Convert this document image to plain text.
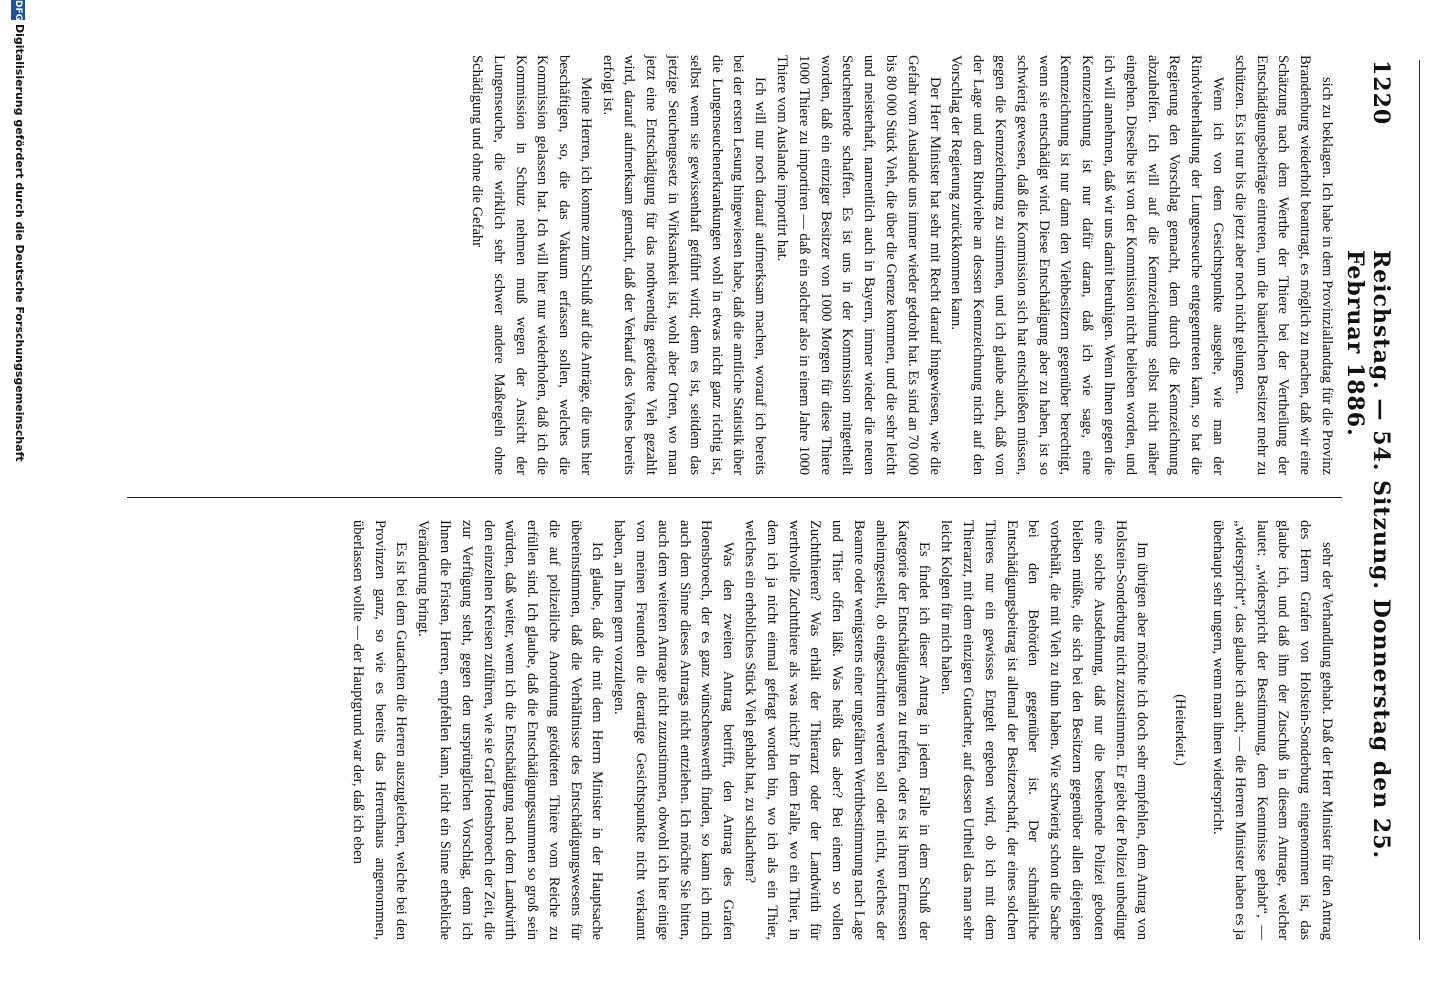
1220
Reichstag. — 54. Sitzung. Donnerstag den 25. Februar 1886.

sich zu beklagen. Ich habe in dem Provinziallandtag für die Provinz Brandenburg wiederholt beantragt, es möglich zu machen, daß wir eine Schätzung nach dem Werthe der Thiere bei der Vertheilung der Entschädigungsbeiträge eintreten, um die bäuerlichen Besitzer mehr zu schützen. Es ist nur bis die jetzt aber noch nicht gelungen.

Wenn ich von dem Gesichtspunkte ausgehe, wie man der Rindvieherhaltung der Lungenseuche entgegentreten kann, so hat die Regierung den Vorschlag gemacht, dem durch die Kennzeichnung abzuhelfen. Ich will auf die Kennzeichnung selbst nicht näher eingehen. Dieselbe ist von der Kommission nicht belieben worden, und ich will annehmen, daß wir uns damit beruhigen. Wenn Ihnen gegen die Kennzeichnung ist nur dafür daran, daß ich wie sage, eine Kennzeichnung ist nur dann den Viehbesitzern gegenüber berechtigt, wenn sie entschädigt wird. Diese Entschädigung aber zu haben, ist so schwierig gewesen, daß die Kommission sich hat entschließen müssen, gegen die Kennzeichnung zu stimmen, und ich glaube auch, daß von der Lage und dem Rindviehe an dessen Kennzeichnung nicht auf den Vorschlag der Regierung zurückkommen kann.

Der Herr Minister hat sehr mit Recht darauf hingewiesen, wie die Gefahr vom Auslande uns immer wieder gedroht hat. Es sind an 70 000 bis 80 000 Stück Vieh, die über die Grenze kommen, und die sehr leicht und meisterhaft, namentlich auch in Bayern, immer wieder die neuen Seuchenherde schaffen. Es ist uns in der Kommission mitgetheilt worden, daß ein einziger Besitzer von 1000 Morgen für diese Thiere 1000 Thiere zu importiren — daß ein solcher also in einem Jahre 1000 Thiere vom Auslande importirt hat.

Ich will nur noch darauf aufmerksam machen, worauf ich bereits bei der ersten Lesung hingewiesen habe, daß die amtliche Statistik über die Lungenseuchenerkrankungen wohl in etwas nicht ganz richtig ist, selbst wenn sie gewissenhaft geführt wird; denn es ist, seitdem das jetzige Seuchengesetz in Wirksamkeit ist, wohl aber Orten, wo man jetzt eine Entschädigung für das nothwendig getödtete Vieh gezahlt wird, darauf aufmerksam gemacht, daß der Verkauf des Viehes bereits erfolgt ist.

Meine Herren, ich komme zum Schluß auf die Anträge, die uns hier beschäftigen, so, die das Vakuum erfassen sollen, welches die Kommission gelassen hat. Ich will hier nur wiederholen, daß ich die Kommission in Schutz nehmen muß wegen der Ansicht der Lungenseuche, die wirklich sehr schwer andere Maßregeln ohne Schädigung und ohne die Gefahr

sehr der Verhandlung gehabt. Daß der Herr Minister für den Antrag des Herrn Grafen von Holstein-Sonderburg eingenommen ist, das glaube ich, und daß ihm der Zuschuß in diesem Antrage, welcher lautet: „widerspricht der Bestimmung, dem Kenntnisse gehabt“, — „widerspricht“, das glaube ich auch; — die Herren Minister haben es ja überhaupt sehr ungern, wenn man ihnen widerspricht.

(Heiterkeit.)

Im übrigen aber möchte ich doch sehr empfehlen, dem Antrag von Holstein-Sonderburg nicht zuzustimmen. Er giebt der Polizei unbedingt eine solche Ausdehnung, daß nur die bestehende Polizei geboten bleiben müßte, die sich bei den Besitzern gegenüber allen diejenigen vorbehält, die mit Vieh zu thun haben. Wie schwierig schon die Sache bei den Behörden gegenüber ist. Der schmähliche Entschädigungsbeitrag ist allemal der Besitzerschaft, der eines solchen Thieres nur ein gewisses Entgelt ergeben wird, ob ich mit dem Thierarzt, mit dem einzigen Gutachter, auf dessen Urtheil das man sehr leicht Kolgen für mich haben.

Es findet ich dieser Antrag in jedem Falle in dem Schuß der Kategorie der Entschädigungen zu treffen, oder es ist ihrem Ermessen anheimgestellt, ob eingeschritten werden soll oder nicht, welches der Beamte oder wenigstens einer ungefähren Werthbestimmung nach Lage und Thier offen läßt. Was heißt das aber? Bei einem so vollen Zuchtthieren? Was erhält der Thierarzt oder der Landwirth für werthvolle Zuchtthiere als was nicht? In dem Falle, wo ein Thier, in dem ich ja nicht einmal gefragt worden bin, wo ich als ein Thier, welches ein erhebliches Stück Vieh gehabt hat, zu schlachten?

Was den zweiten Antrag betrifft, den Antrag des Grafen Hoensbroech, der es ganz wünschenswerth finden, so kann ich mich auch dem Sinne dieses Antrags nicht entziehen. Ich möchte Sie bitten, auch dem weiteren Antrage nicht zuzustimmen, obwohl ich hier einige von meinen Freunden die derartige Gesichtspunkte nicht verkannt haben, an Ihnen gern vorzulegen.

Ich glaube, daß die mit dem Herrn Minister in der Hauptsache übereinstimmen, daß die Verhältnisse des Entschädigungswesens für die auf polizeiliche Anordnung getödteten Thiere vom Reiche zu erfüllen sind. Ich glaube, daß die Entschädigungssummen so groß sein würden, daß weiter, wenn ich die Entschädigung nach dem Landwirth den einzelnen Kreisen zuführen, wie sie Graf Hoensbroech der Zeit, die zur Verfügung steht, gegen den ursprünglichen Vorschlag, denn ich Ihnen die Fristen, Herren, empfehlen kann, nicht ein Sinne erhebliche Veränderung bringt.

Es ist bei dem Gutachten die Herren auszugleichen, welche bei den Provinzen ganz, so wie es bereits das Herrenhaus angenommen, überlassen wollte — der Hauptgrund war der, daß ich eben

DFG
Digitalisierung gefördert durch die Deutsche Forschungsgemeinschaft
